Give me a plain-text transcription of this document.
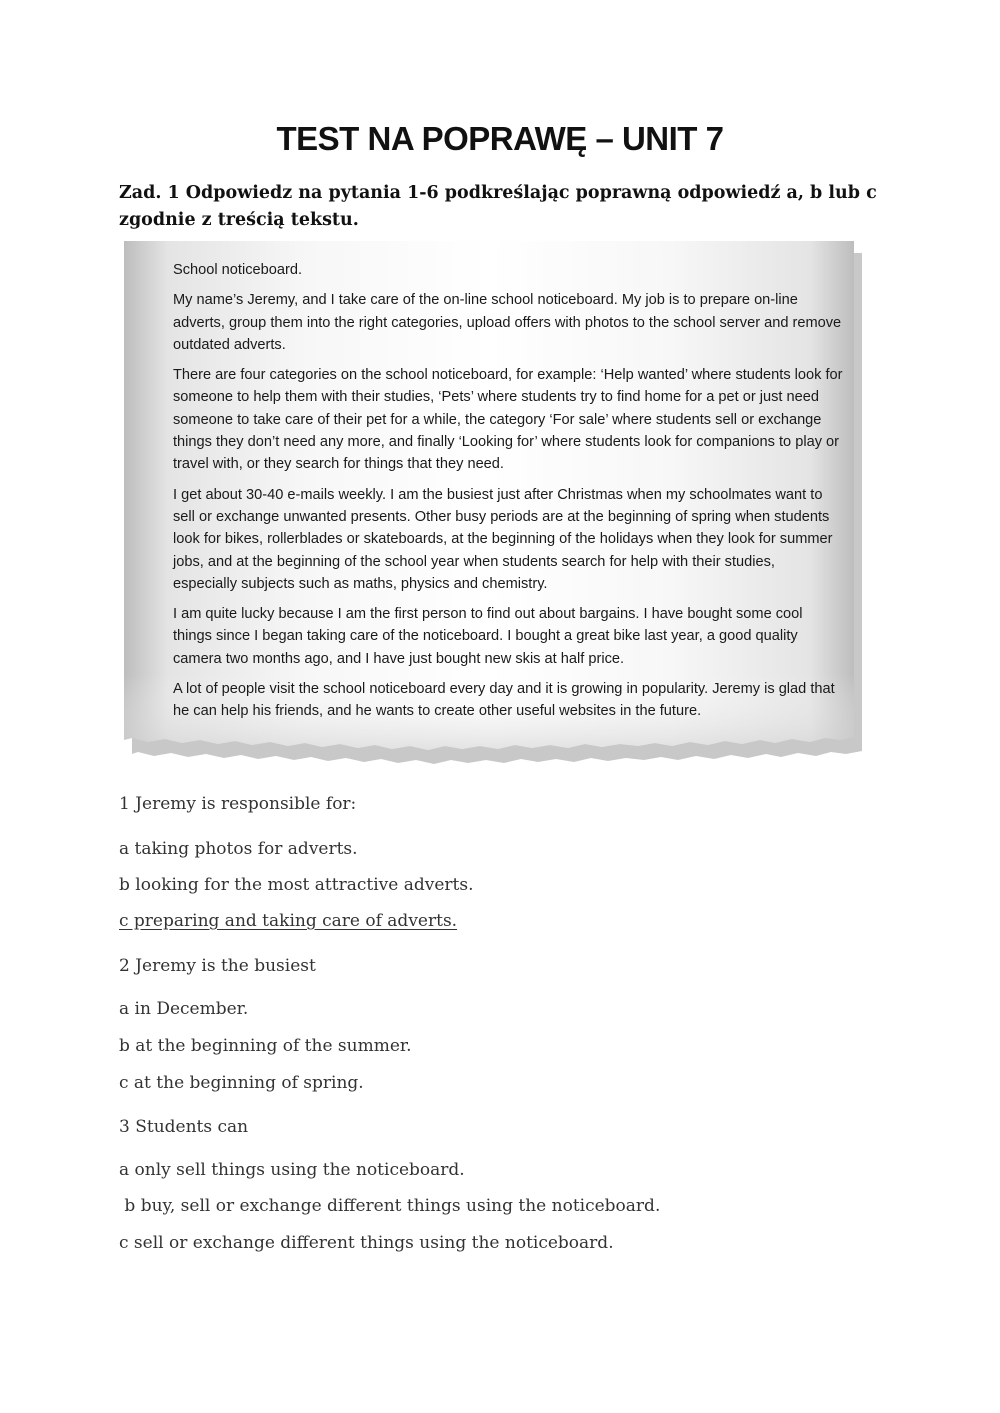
TEST NA POPRAWĘ – UNIT 7

Zad. 1 Odpowiedz na pytania 1-6 podkreślając poprawną odpowiedź a, b lub c zgodnie z treścią tekstu.

School noticeboard.

My name’s Jeremy, and I take care of the on-line school noticeboard. My job is to prepare on-line adverts, group them into the right categories, upload offers with photos to the school server and remove outdated adverts.

There are four categories on the school noticeboard, for example: ‘Help wanted’ where students look for someone to help them with their studies, ‘Pets’ where students try to find home for a pet or just need someone to take care of their pet for a while, the category ‘For sale’ where students sell or exchange things they don’t need any more, and finally ‘Looking for’ where students look for companions to play or travel with, or they search for things that they need.

I get about 30-40 e-mails weekly. I am the busiest just after Christmas when my schoolmates want to sell or exchange unwanted presents. Other busy periods are at the beginning of spring when students look for bikes, rollerblades or skateboards, at the beginning of the holidays when they look for summer jobs, and at the beginning of the school year when students search for help with their studies, especially subjects such as maths, physics and chemistry.

I am quite lucky because I am the first person to find out about bargains. I have bought some cool things since I began taking care of the noticeboard. I bought a great bike last year, a good quality camera two months ago, and I have just bought new skis at half price.

A lot of people visit the school noticeboard every day and it is growing in popularity. Jeremy is glad that he can help his friends, and he wants to create other useful websites in the future.

1 Jeremy is responsible for:
a taking photos for adverts.
b looking for the most attractive adverts.
c preparing and taking care of adverts.
2 Jeremy is the busiest
a in December.
b at the beginning of the summer.
c at the beginning of spring.
3 Students can
a only sell things using the noticeboard.
b buy, sell or exchange different things using the noticeboard.
c sell or exchange different things using the noticeboard.
